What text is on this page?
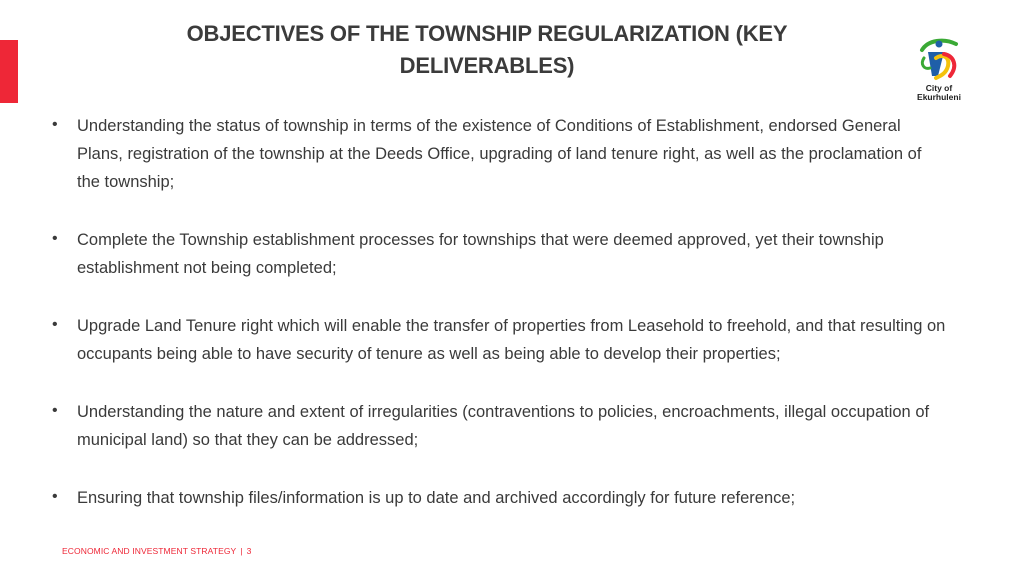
OBJECTIVES OF THE TOWNSHIP REGULARIZATION (KEY DELIVERABLES)
City of
Ekurhuleni
• Understanding the status of township in terms of the existence of Conditions of Establishment, endorsed General Plans, registration of the township at the Deeds Office, upgrading of land tenure right, as well as the proclamation of the township;
• Complete the Township establishment processes for townships that were deemed approved, yet their township establishment not being completed;
• Upgrade Land Tenure right which will enable the transfer of properties from Leasehold to freehold, and that resulting on occupants being able to have security of tenure as well as being able to develop their properties;
• Understanding the nature and extent of irregularities (contraventions to policies, encroachments, illegal occupation of municipal land) so that they can be addressed;
• Ensuring that township files/information is up to date and archived accordingly for future reference;
ECONOMIC AND INVESTMENT STRATEGY | 3
